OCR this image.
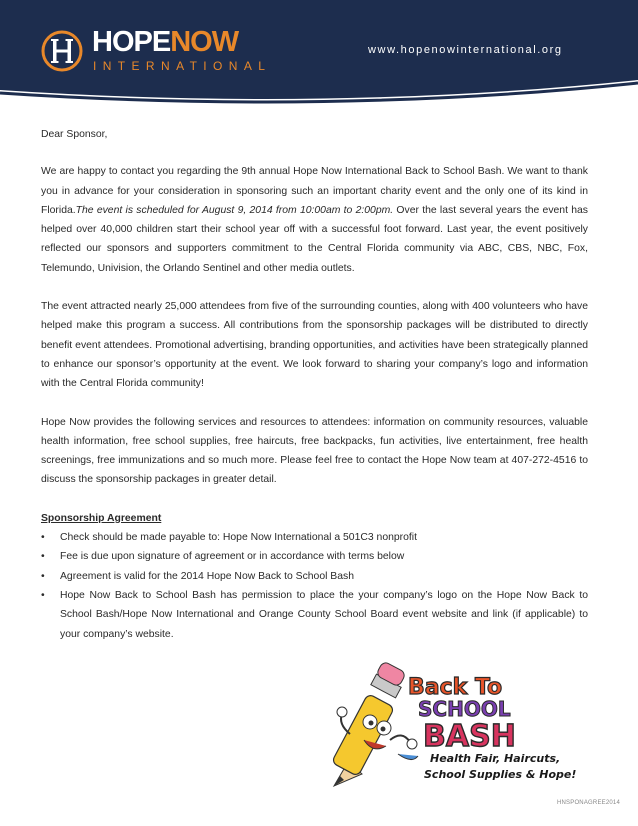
HOPENOW
INTERNATIONAL
www.hopenowinternational.org

Dear Sponsor,

We are happy to contact you regarding the 9th annual Hope Now International Back to School Bash. We want to thank you in advance for your consideration in sponsoring such an important charity event and the only one of its kind in Florida.The event is scheduled for August 9, 2014 from 10:00am to 2:00pm. Over the last several years the event has helped over 40,000 children start their school year off with a successful foot forward. Last year, the event positively reflected our sponsors and supporters commitment to the Central Florida community via ABC, CBS, NBC, Fox, Telemundo, Univision, the Orlando Sentinel and other media outlets.

The event attracted nearly 25,000 attendees from five of the surrounding counties, along with 400 volunteers who have helped make this program a success. All contributions from the sponsorship packages will be distributed to directly benefit event attendees. Promotional advertising, branding opportunities, and activities have been strategically planned to enhance our sponsor’s opportunity at the event. We look forward to sharing your company’s logo and information with the Central Florida community!

Hope Now provides the following services and resources to attendees: information on community resources, valuable health information, free school supplies, free haircuts, free backpacks, fun activities, live entertainment, free health screenings, free immunizations and so much more. Please feel free to contact the Hope Now team at 407-272-4516 to discuss the sponsorship packages in greater detail.

Sponsorship Agreement

• Check should be made payable to: Hope Now International a 501C3 nonprofit
• Fee is due upon signature of agreement or in accordance with terms below
• Agreement is valid for the 2014 Hope Now Back to School Bash
• Hope Now Back to School Bash has permission to place the your company’s logo on the Hope Now Back to School Bash/Hope Now International and Orange County School Board event website and link (if applicable) to your company’s website.
Back To
SCHOOL
BASH
Health Fair, Haircuts,
School Supplies & Hope!
HNSPONAGREE2014
